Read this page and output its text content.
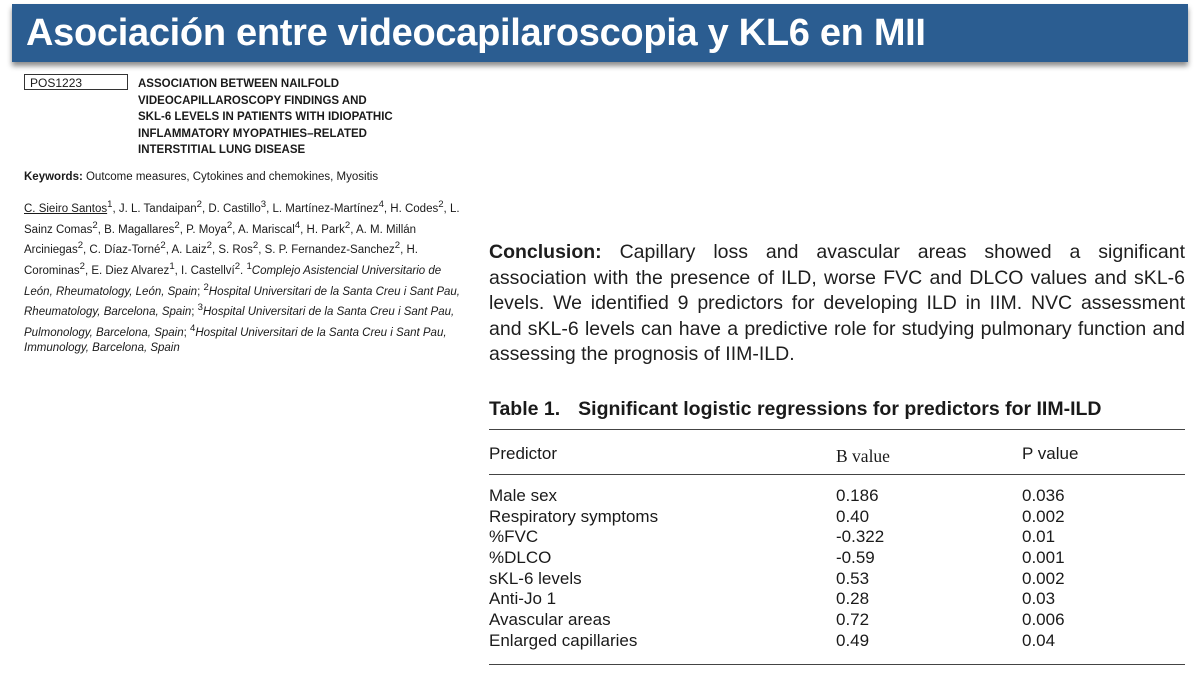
Asociación entre videocapilaroscopia y KL6 en MII
POS1223	ASSOCIATION BETWEEN NAILFOLD
VIDEOCAPILLAROSCOPY FINDINGS AND
SKL-6 LEVELS IN PATIENTS WITH IDIOPATHIC
INFLAMMATORY MYOPATHIES–RELATED
INTERSTITIAL LUNG DISEASE
Keywords: Outcome measures, Cytokines and chemokines, Myositis
C. Sieiro Santos$^1$, J. L. Tandaipan$^2$, D. Castillo$^3$, L. Martínez-Martínez$^4$, H. Codes$^2$, L. Sainz Comas$^2$, B. Magallares$^2$, P. Moya$^2$, A. Mariscal$^4$, H. Park$^2$, A. M. Millán Arciniegas$^2$, C. Díaz-Torné$^2$, A. Laiz$^2$, S. Ros$^2$, S. P. Fernandez-Sanchez$^2$, H. Corominas$^2$, E. Diez Alvarez$^1$, I. Castellví$^2$. $^1$Complejo Asistencial Universitario de León, Rheumatology, León, Spain; $^2$Hospital Universitari de la Santa Creu i Sant Pau, Rheumatology, Barcelona, Spain; $^3$Hospital Universitari de la Santa Creu i Sant Pau, Pulmonology, Barcelona, Spain; $^4$Hospital Universitari de la Santa Creu i Sant Pau, Immunology, Barcelona, Spain
Conclusion: Capillary loss and avascular areas showed a significant association with the presence of ILD, worse FVC and DLCO values and sKL-6 levels. We identified 9 predictors for developing ILD in IIM. NVC assessment and sKL-6 levels can have a predictive role for studying pulmonary function and assessing the prognosis of IIM-ILD.
Table 1. Significant logistic regressions for predictors for IIM-ILD
Predictor	B value	P value
Male sex	0.186	0.036
Respiratory symptoms	0.40	0.002
%FVC	-0.322	0.01
%DLCO	-0.59	0.001
sKL-6 levels	0.53	0.002
Anti-Jo 1	0.28	0.03
Avascular areas	0.72	0.006
Enlarged capillaries	0.49	0.04
